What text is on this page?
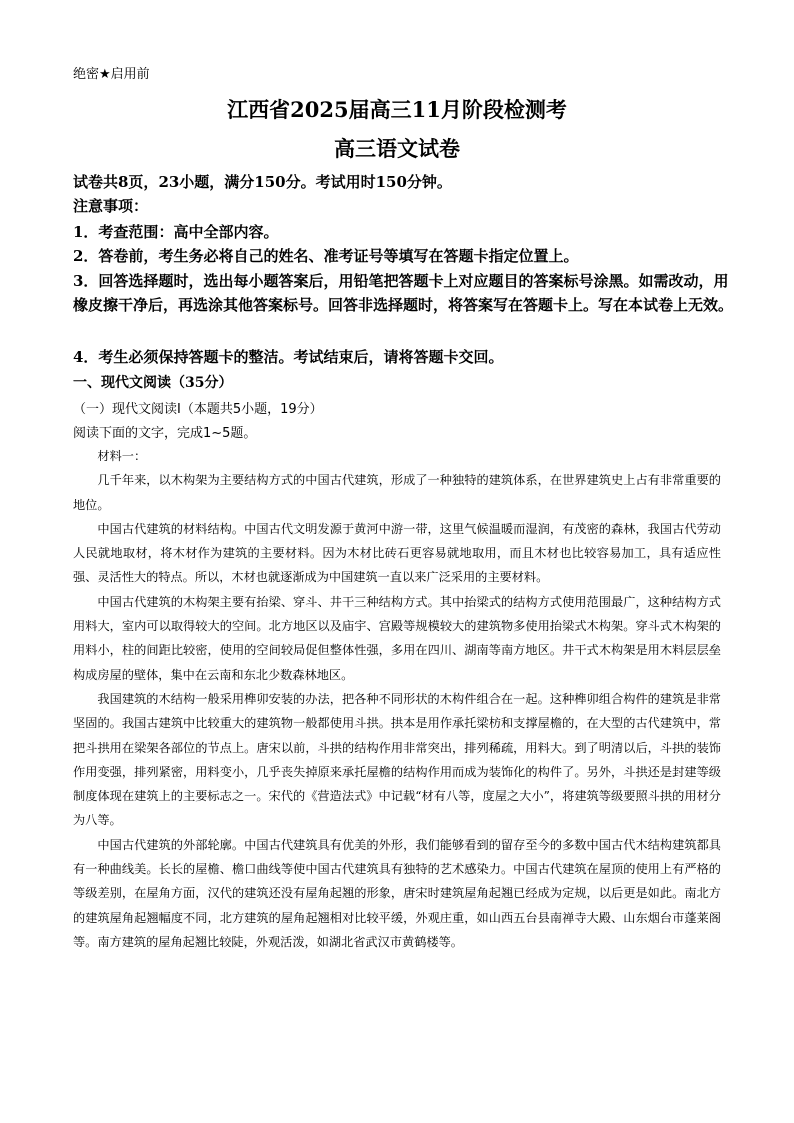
绝密★启用前
江西省2025届高三11月阶段检测考
高三语文试卷
试卷共8页，23小题，满分150分。考试用时150分钟。
注意事项：
1．考查范围：高中全部内容。
2．答卷前，考生务必将自己的姓名、准考证号等填写在答题卡指定位置上。
3．回答选择题时，选出每小题答案后，用铅笔把答题卡上对应题目的答案标号涂黑。如需改动，用橡皮擦干净后，再选涂其他答案标号。回答非选择题时，将答案写在答题卡上。写在本试卷上无效。
4．考生必须保持答题卡的整洁。考试结束后，请将答题卡交回。
一、现代文阅读（35分）
（一）现代文阅读Ⅰ（本题共5小题，19分）
阅读下面的文字，完成1~5题。

材料一：

几千年来，以木构架为主要结构方式的中国古代建筑，形成了一种独特的建筑体系，在世界建筑史上占有非常重要的地位。

中国古代建筑的材料结构。中国古代文明发源于黄河中游一带，这里气候温暖而湿润，有茂密的森林，我国古代劳动人民就地取材，将木材作为建筑的主要材料。因为木材比砖石更容易就地取用，而且木材也比较容易加工，具有适应性强、灵活性大的特点。所以，木材也就逐渐成为中国建筑一直以来广泛采用的主要材料。

中国古代建筑的木构架主要有抬梁、穿斗、井干三种结构方式。其中抬梁式的结构方式使用范围最广，这种结构方式用料大，室内可以取得较大的空间。北方地区以及庙宇、宫殿等规模较大的建筑物多使用抬梁式木构架。穿斗式木构架的用料小，柱的间距比较密，使用的空间较局促但整体性强，多用在四川、湖南等南方地区。井干式木构架是用木料层层垒构成房屋的壁体，集中在云南和东北少数森林地区。

我国建筑的木结构一般采用榫卯安装的办法，把各种不同形状的木构件组合在一起。这种榫卯组合构件的建筑是非常坚固的。我国古建筑中比较重大的建筑物一般都使用斗拱。拱本是用作承托梁枋和支撑屋檐的，在大型的古代建筑中，常把斗拱用在梁架各部位的节点上。唐宋以前，斗拱的结构作用非常突出，排列稀疏，用料大。到了明清以后，斗拱的装饰作用变强，排列紧密，用料变小，几乎丧失掉原来承托屋檐的结构作用而成为装饰化的构件了。另外，斗拱还是封建等级制度体现在建筑上的主要标志之一。宋代的《营造法式》中记载“材有八等，度屋之大小”，将建筑等级要照斗拱的用材分为八等。

中国古代建筑的外部轮廓。中国古代建筑具有优美的外形，我们能够看到的留存至今的多数中国古代木结构建筑都具有一种曲线美。长长的屋檐、檐口曲线等使中国古代建筑具有独特的艺术感染力。中国古代建筑在屋顶的使用上有严格的等级差别，在屋角方面，汉代的建筑还没有屋角起翘的形象，唐宋时建筑屋角起翘已经成为定规，以后更是如此。南北方的建筑屋角起翘幅度不同，北方建筑的屋角起翘相对比较平缓，外观庄重，如山西五台县南禅寺大殿、山东烟台市蓬莱阁等。南方建筑的屋角起翘比较陡，外观活泼，如湖北省武汉市黄鹤楼等。
